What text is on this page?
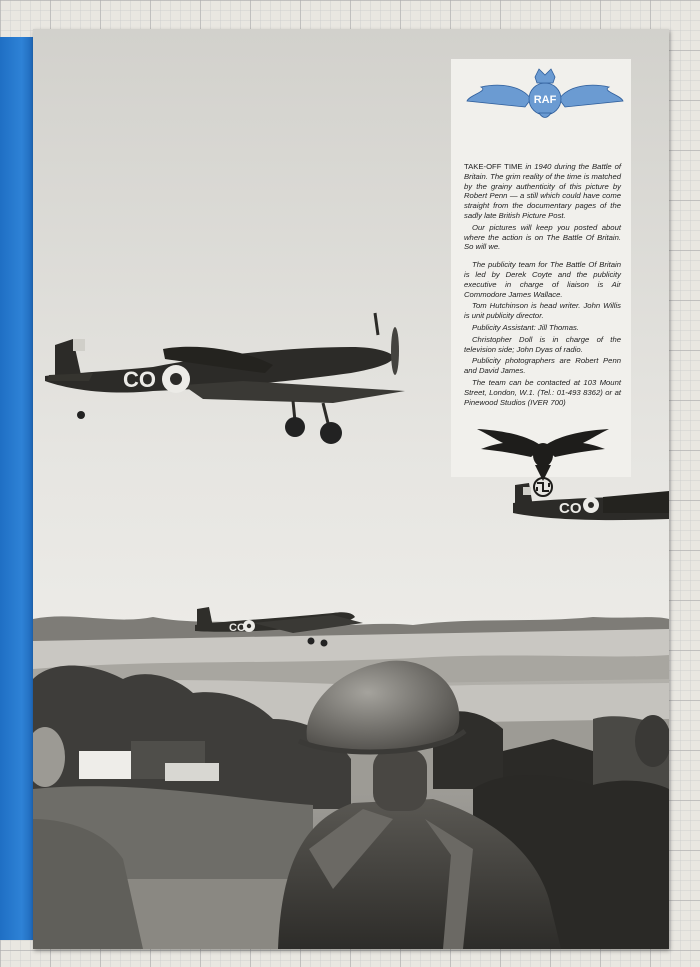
CO
CO
CO
RAF

TAKE-OFF TIME in 1940 during the Battle of Britain. The grim reality of the time is matched by the grainy authenticity of this picture by Robert Penn — a still which could have come straight from the documentary pages of the sadly late British Picture Post.

Our pictures will keep you posted about where the action is on The Battle Of Britain. So will we.

The publicity team for The Battle Of Britain is led by Derek Coyte and the publicity executive in charge of liaison is Air Commodore James Wallace.

Tom Hutchinson is head writer. John Willis is unit publicity director.

Publicity Assistant: Jill Thomas.

Christopher Doll is in charge of the television side; John Dyas of radio.

Publicity photographers are Robert Penn and David James.

The team can be contacted at 103 Mount Street, London, W.1. (Tel.: 01-493 8362) or at Pinewood Studios (IVER 700)
